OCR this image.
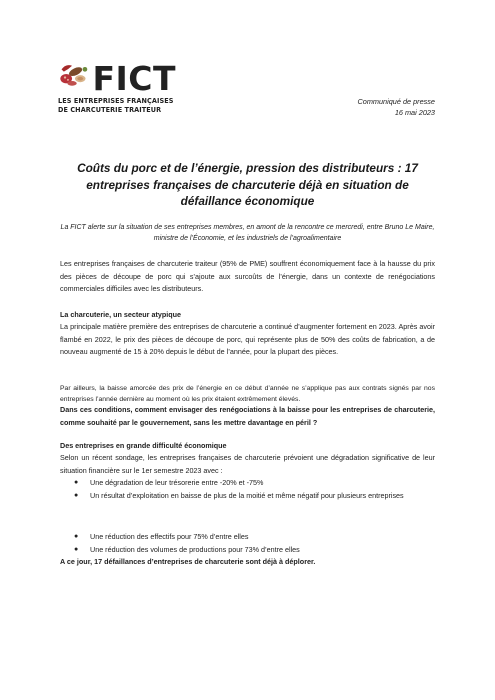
FICT
LES ENTREPRISES FRANÇAISES
DE CHARCUTERIE TRAITEUR
Communiqué de presse
16 mai 2023
Coûts du porc et de l’énergie, pression des distributeurs : 17 entreprises françaises de charcuterie déjà en situation de défaillance économique
La FICT alerte sur la situation de ses entreprises membres, en amont de la rencontre ce mercredi, entre Bruno Le Maire, ministre de l’Économie, et les industriels de l’agroalimentaire

Les entreprises françaises de charcuterie traiteur (95% de PME) souffrent économiquement face à la hausse du prix des pièces de découpe de porc qui s’ajoute aux surcoûts de l’énergie, dans un contexte de renégociations commerciales difficiles avec les distributeurs.

La charcuterie, un secteur atypique

La principale matière première des entreprises de charcuterie a continué d’augmenter fortement en 2023. Après avoir flambé en 2022, le prix des pièces de découpe de porc, qui représente plus de 50% des coûts de fabrication, a de nouveau augmenté de 15 à 20% depuis le début de l’année, pour la plupart des pièces.

Par ailleurs, la baisse amorcée des prix de l’énergie en ce début d’année ne s’applique pas aux contrats signés par nos entreprises l’année dernière au moment où les prix étaient extrêmement élevés.

Dans ces conditions, comment envisager des renégociations à la baisse pour les entreprises de charcuterie, comme souhaité par le gouvernement, sans les mettre davantage en péril ?

Des entreprises en grande difficulté économique

Selon un récent sondage, les entreprises françaises de charcuterie prévoient une dégradation significative de leur situation financière sur le 1er semestre 2023 avec :

● Une dégradation de leur trésorerie entre -20% et -75%
● Un résultat d’exploitation en baisse de plus de la moitié et même négatif pour plusieurs entreprises
● Une réduction des effectifs pour 75% d’entre elles
● Une réduction des volumes de productions pour 73% d’entre elles
A ce jour, 17 défaillances d’entreprises de charcuterie sont déjà à déplorer.
